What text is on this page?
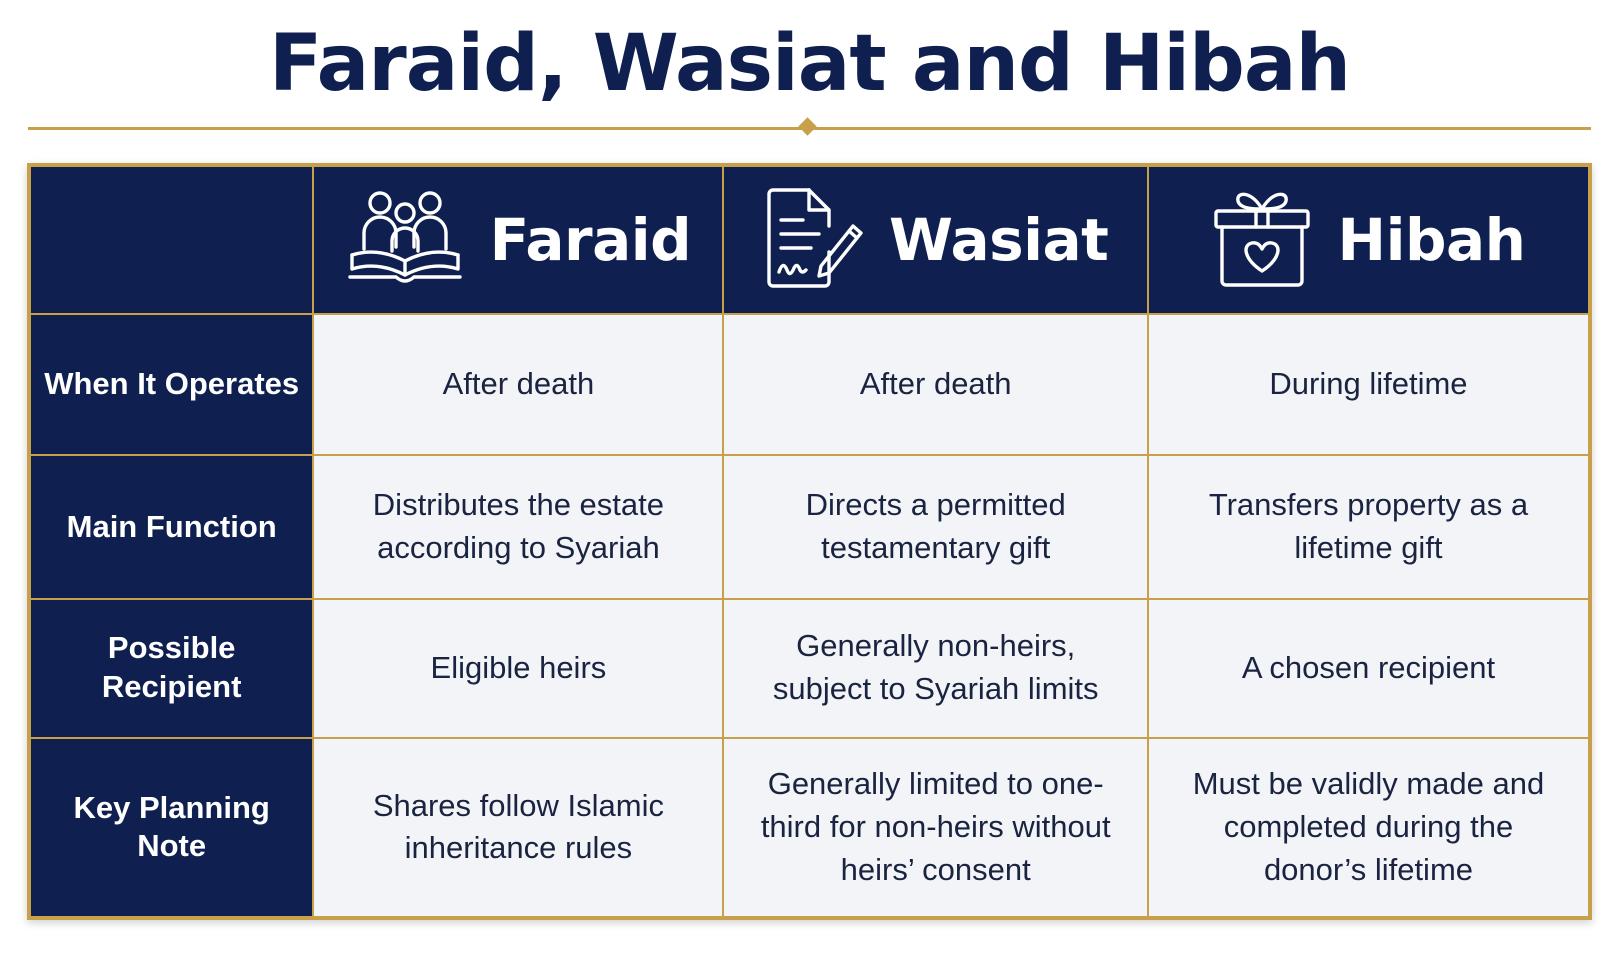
Faraid, Wasiat and Hibah

	Faraid	Wasiat	Hibah

When It Operates	After death	After death	During lifetime
Main Function	Distributes the estate according to Syariah	Directs a permitted testamentary gift	Transfers property as a lifetime gift
Possible Recipient	Eligible heirs	Generally non-heirs, subject to Syariah limits	A chosen recipient
Key Planning Note	Shares follow Islamic inheritance rules	Generally limited to one-third for non-heirs without heirs’ consent	Must be validly made and completed during the donor’s lifetime
